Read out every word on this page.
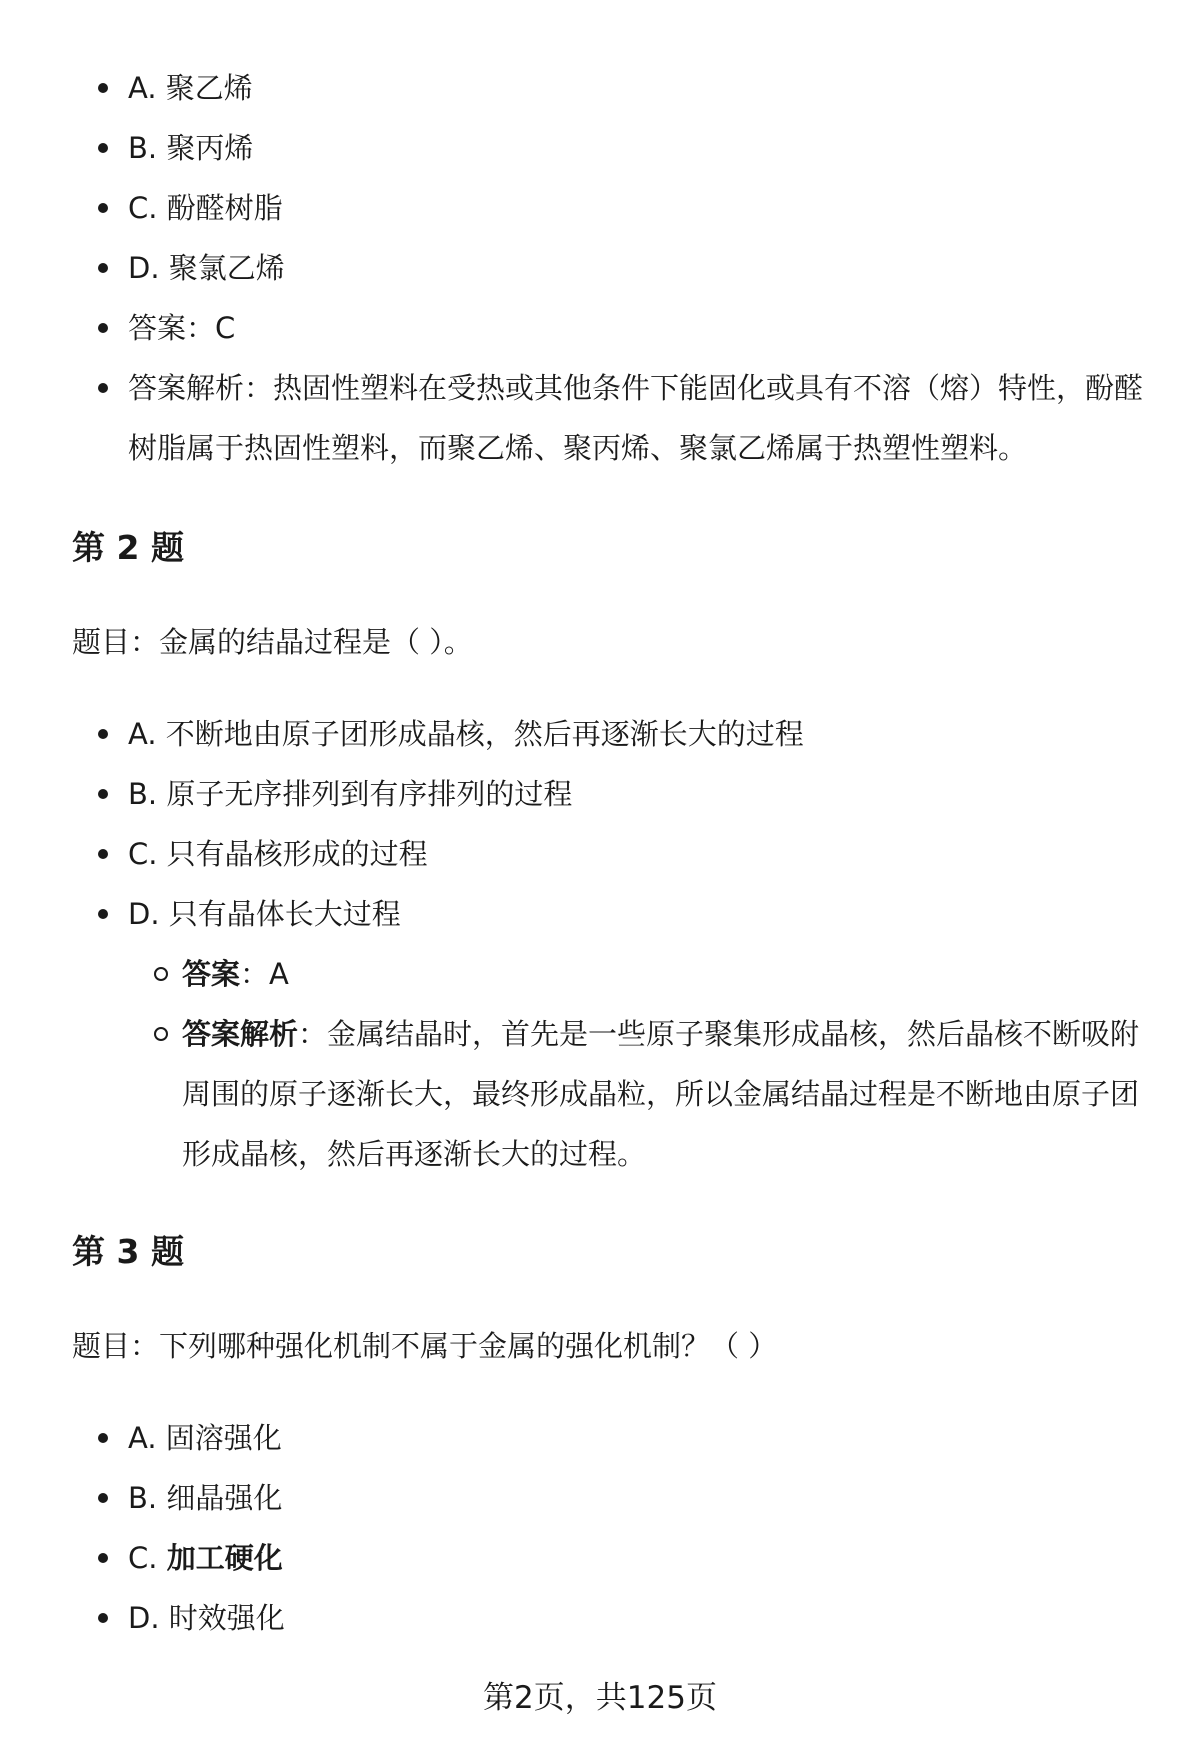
A. 聚乙烯
B. 聚丙烯
C. 酚醛树脂
D. 聚氯乙烯
答案：C
答案解析：热固性塑料在受热或其他条件下能固化或具有不溶（熔）特性，酚醛树脂属于热固性塑料，而聚乙烯、聚丙烯、聚氯乙烯属于热塑性塑料。
第 2 题
题目：金属的结晶过程是（ ）。
A. 不断地由原子团形成晶核，然后再逐渐长大的过程
B. 原子无序排列到有序排列的过程
C. 只有晶核形成的过程
D. 只有晶体长大过程
答案：A
答案解析：金属结晶时，首先是一些原子聚集形成晶核，然后晶核不断吸附周围的原子逐渐长大，最终形成晶粒，所以金属结晶过程是不断地由原子团形成晶核，然后再逐渐长大的过程。
第 3 题
题目：下列哪种强化机制不属于金属的强化机制？（ ）
A. 固溶强化
B. 细晶强化
C. 加工硬化
D. 时效强化
第2页，共125页
